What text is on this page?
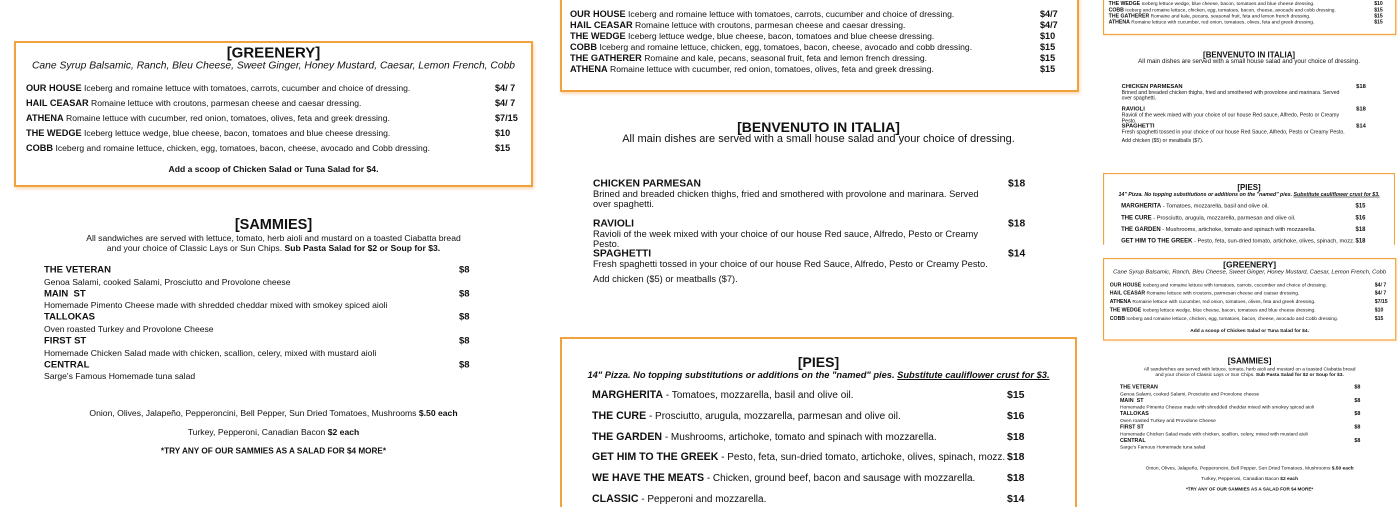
[GREENERY]
Cane Syrup Balsamic, Ranch, Bleu Cheese, Sweet Ginger, Honey Mustard, Caesar, Lemon French, Cobb
OUR HOUSE Iceberg and romaine lettuce with tomatoes, carrots, cucumber and choice of dressing.	$4/ 7
HAIL CEASAR Romaine lettuce with croutons, parmesan cheese and caesar dressing.	$4/ 7
ATHENA Romaine lettuce with cucumber, red onion, tomatoes, olives, feta and greek dressing.	$7/15
THE WEDGE Iceberg lettuce wedge, blue cheese, bacon, tomatoes and blue cheese dressing.	$10
COBB Iceberg and romaine lettuce, chicken, egg, tomatoes, bacon, cheese, avocado and Cobb dressing.	$15
Add a scoop of Chicken Salad or Tuna Salad for $4.
[SAMMIES]
All sandwiches are served with lettuce, tomato, herb aioli and mustard on a toasted Ciabatta bread
and your choice of Classic Lays or Sun Chips. Sub Pasta Salad for $2 or Soup for $3.
THE VETERAN
Genoa Salami, cooked Salami, Prosciutto and Provolone cheese
$8
MAIN  ST
Homemade Pimento Cheese made with shredded cheddar mixed with smokey spiced aioli
$8
TALLOKAS
Oven roasted Turkey and Provolone Cheese
$8
FIRST ST
Homemade Chicken Salad made with chicken, scallion, celery, mixed with mustard aioli
$8
CENTRAL
Sarge's Famous Homemade tuna salad
$8
Onion, Olives, Jalapeño, Pepperoncini, Bell Pepper, Sun Dried Tomatoes, Mushrooms $.50 each
Turkey, Pepperoni, Canadian Bacon $2 each
*TRY ANY OF OUR SAMMIES AS A SALAD FOR $4 MORE*
OUR HOUSE Iceberg and romaine lettuce with tomatoes, carrots, cucumber and choice of dressing.	$4/7
HAIL CEASAR Romaine lettuce with croutons, parmesan cheese and caesar dressing.	$4/7
THE WEDGE Iceberg lettuce wedge, blue cheese, bacon, tomatoes and blue cheese dressing.	$10
COBB Iceberg and romaine lettuce, chicken, egg, tomatoes, bacon, cheese, avocado and cobb dressing.	$15
THE GATHERER Romaine and kale, pecans, seasonal fruit, feta and lemon french dressing.	$15
ATHENA Romaine lettuce with cucumber, red onion, tomatoes, olives, feta and greek dressing.	$15
[BENVENUTO IN ITALIA]
All main dishes are served with a small house salad and your choice of dressing.
CHICKEN PARMESAN	$18
Brined and breaded chicken thighs, fried and smothered with provolone and marinara. Served over spaghetti.
RAVIOLI	$18
Ravioli of the week mixed with your choice of our house Red sauce, Alfredo, Pesto or Creamy Pesto.
SPAGHETTI	$14
Fresh spaghetti tossed in your choice of our house Red Sauce, Alfredo, Pesto or Creamy Pesto.
Add chicken ($5) or meatballs ($7).
[PIES]
14" Pizza. No topping substitutions or additions on the "named" pies. Substitute cauliflower crust for $3.
MARGHERITA - Tomatoes, mozzarella, basil and olive oil.	$15
THE CURE - Prosciutto, arugula, mozzarella, parmesan and olive oil.	$16
THE GARDEN - Mushrooms, artichoke, tomato and spinach with mozzarella.	$18
GET HIM TO THE GREEK - Pesto, feta, sun-dried tomato, artichoke, olives, spinach, mozz. $18
WE HAVE THE MEATS - Chicken, ground beef, bacon and sausage with mozzarella.	$18
CLASSIC - Pepperoni and mozzarella.	$14
THE WEDGE Iceberg lettuce wedge, blue cheese, bacon, tomatoes and blue cheese dressing.	$10
COBB Iceberg and romaine lettuce, chicken, egg, tomatoes, bacon, cheese, avocado and cobb dressing.	$15
THE GATHERER Romaine and kale, pecans, seasonal fruit, feta and lemon french dressing.	$15
ATHENA Romaine lettuce with cucumber, red onion, tomatoes, olives, feta and greek dressing.	$15
[BENVENUTO IN ITALIA]
All main dishes are served with a small house salad and your choice of dressing.
CHICKEN PARMESAN	$18
Brined and breaded chicken thighs, fried and smothered with provolone and marinara. Served over spaghetti.
RAVIOLI	$18
Ravioli of the week mixed with your choice of our house Red sauce, Alfredo, Pesto or Creamy Pesto.
SPAGHETTI	$14
Fresh spaghetti tossed in your choice of our house Red Sauce, Alfredo, Pesto or Creamy Pesto.
Add chicken ($5) or meatballs ($7).
[PIES]
14" Pizza. No topping substitutions or additions on the "named" pies. Substitute cauliflower crust for $3.
MARGHERITA - Tomatoes, mozzarella, basil and olive oil.	$15
THE CURE - Prosciutto, arugula, mozzarella, parmesan and olive oil.	$16
THE GARDEN - Mushrooms, artichoke, tomato and spinach with mozzarella.	$18
GET HIM TO THE GREEK - Pesto, feta, sun-dried tomato, artichoke, olives, spinach, mozz. $18
[GREENERY]
Cane Syrup Balsamic, Ranch, Bleu Cheese, Sweet Ginger, Honey Mustard, Caesar, Lemon French, Cobb
OUR HOUSE Iceberg and romaine lettuce with tomatoes, carrots, cucumber and choice of dressing.	$4/ 7
HAIL CEASAR Romaine lettuce with croutons, parmesan cheese and caesar dressing.	$4/ 7
ATHENA Romaine lettuce with cucumber, red onion, tomatoes, olives, feta and greek dressing.	$7/15
THE WEDGE Iceberg lettuce wedge, blue cheese, bacon, tomatoes and blue cheese dressing.	$10
COBB Iceberg and romaine lettuce, chicken, egg, tomatoes, bacon, cheese, avocado and Cobb dressing.	$15
Add a scoop of Chicken Salad or Tuna Salad for $4.
[SAMMIES]
All sandwiches are served with lettuce, tomato, herb aioli and mustard on a toasted Ciabatta bread
and your choice of Classic Lays or Sun Chips. Sub Pasta Salad for $2 or Soup for $3.
THE VETERAN
Genoa Salami, cooked Salami, Prosciutto and Provolone cheese
$8
MAIN  ST
Homemade Pimento Cheese made with shredded cheddar mixed with smokey spiced aioli
$8
TALLOKAS
Oven roasted Turkey and Provolone Cheese
$8
FIRST ST
Homemade Chicken Salad made with chicken, scallion, celery, mixed with mustard aioli
$8
CENTRAL
Sarge's Famous Homemade tuna salad
$8
Onion, Olives, Jalapeño, Pepperoncini, Bell Pepper, Sun Dried Tomatoes, Mushrooms $.50 each
Turkey, Pepperoni, Canadian Bacon $2 each
*TRY ANY OF OUR SAMMIES AS A SALAD FOR $4 MORE*
